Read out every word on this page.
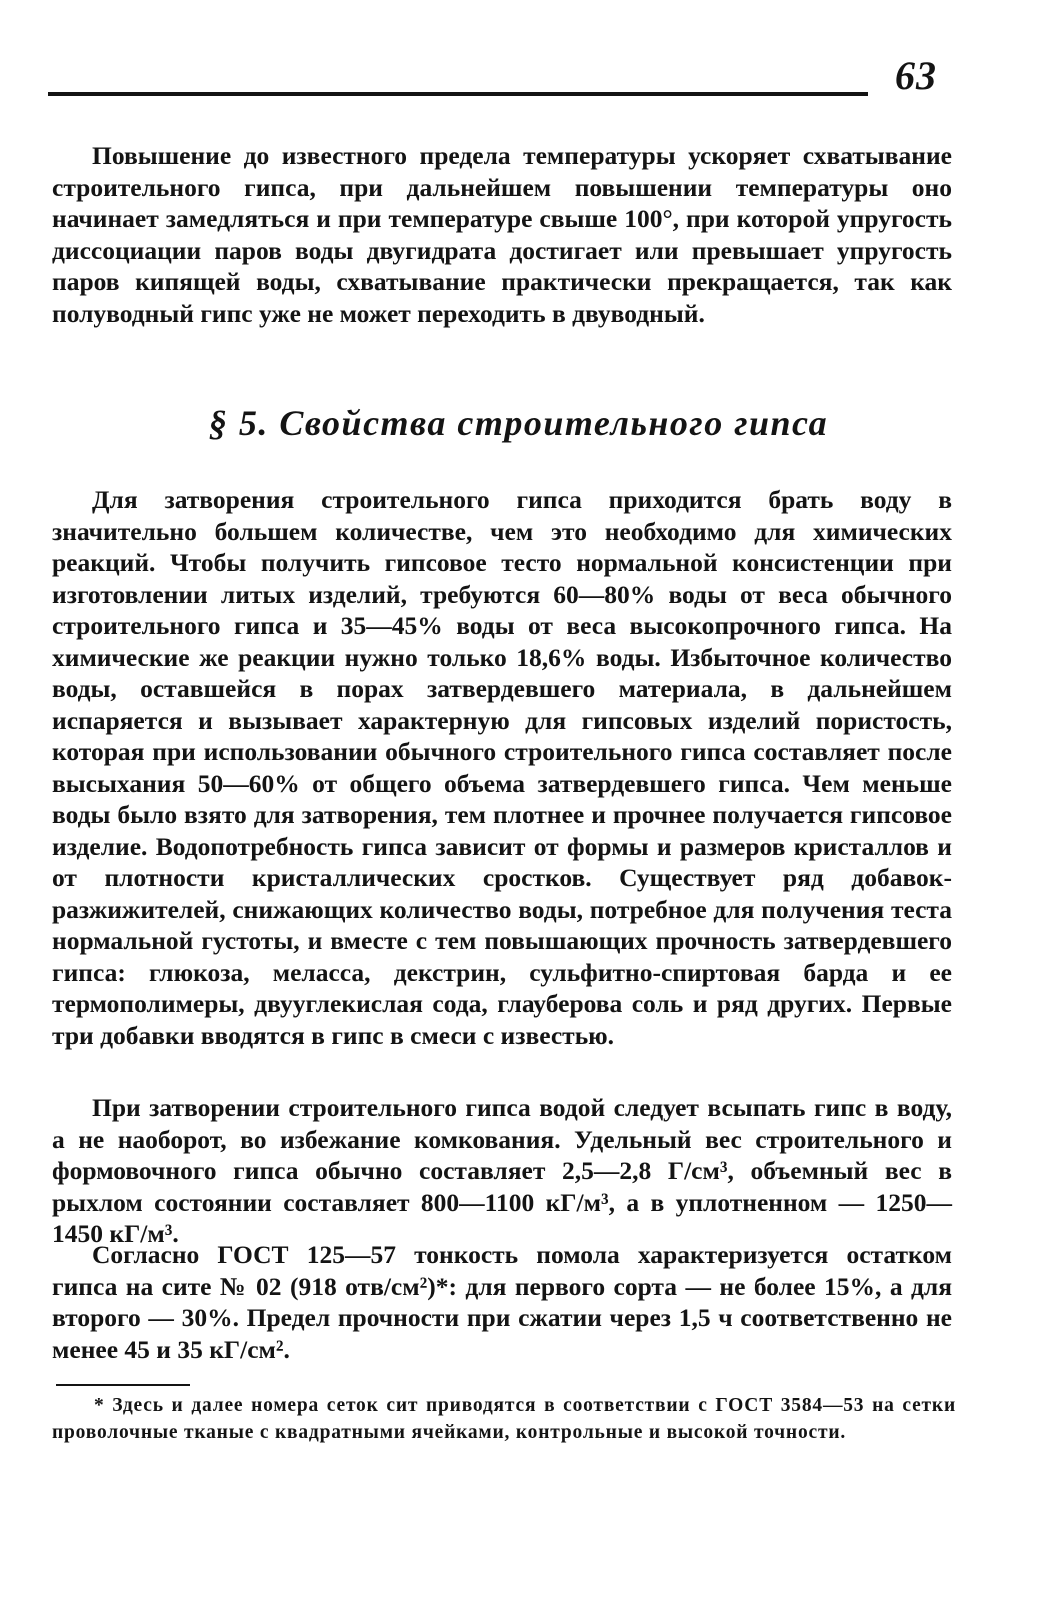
63

Повышение до известного предела температуры ускоряет схватывание строительного гипса, при дальнейшем повышении температуры оно начинает замедляться и при температуре свыше 100°, при которой упругость диссоциации паров воды двугидрата достигает или превышает упругость паров кипящей воды, схватывание практически прекращается, так как полуводный гипс уже не может переходить в двуводный.

§ 5. Свойства строительного гипса

Для затворения строительного гипса приходится брать воду в значительно большем количестве, чем это необходимо для химических реакций. Чтобы получить гипсовое тесто нормальной консистенции при изготовлении литых изделий, требуются 60—80% воды от веса обычного строительного гипса и 35—45% воды от веса высокопрочного гипса. На химические же реакции нужно только 18,6% воды. Избыточное количество воды, оставшейся в порах затвердевшего материала, в дальнейшем испаряется и вызывает характерную для гипсовых изделий пористость, которая при использовании обычного строительного гипса составляет после высыхания 50—60% от общего объема затвердевшего гипса. Чем меньше воды было взято для затворения, тем плотнее и прочнее получается гипсовое изделие. Водопотребность гипса зависит от формы и размеров кристаллов и от плотности кристаллических сростков. Существует ряд добавок-разжижителей, снижающих количество воды, потребное для получения теста нормальной густоты, и вместе с тем повышающих прочность затвердевшего гипса: глюкоза, меласса, декстрин, сульфитно-спиртовая барда и ее термополимеры, двууглекислая сода, глауберова соль и ряд других. Первые три добавки вводятся в гипс в смеси с известью.

При затворении строительного гипса водой следует всыпать гипс в воду, а не наоборот, во избежание комкования. Удельный вес строительного и формовочного гипса обычно составляет 2,5—2,8 Г/см³, объемный вес в рыхлом состоянии составляет 800—1100 кГ/м³, а в уплотненном — 1250—1450 кГ/м³.

Согласно ГОСТ 125—57 тонкость помола характеризуется остатком гипса на сите № 02 (918 отв/см²)*: для первого сорта — не более 15%, а для второго — 30%. Предел прочности при сжатии через 1,5 ч соответственно не менее 45 и 35 кГ/см².

* Здесь и далее номера сеток сит приводятся в соответствии с ГОСТ 3584—53 на сетки проволочные тканые с квадратными ячейками, контрольные и высокой точности.
